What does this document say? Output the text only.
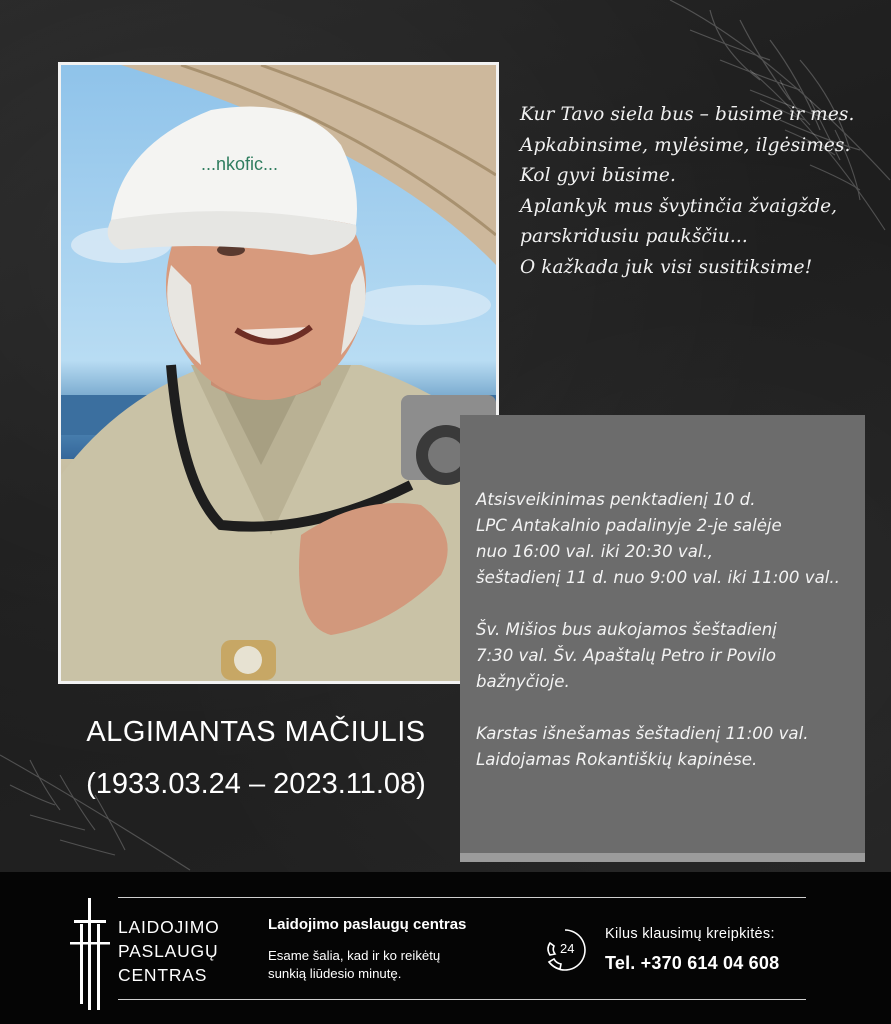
...nkofic...
Kur Tavo siela bus – būsime ir mes.
Apkabinsime, mylėsime, ilgėsimes.
Kol gyvi būsime.
Aplankyk mus švytinčia žvaigžde,
parskridusiu paukščiu...
O kažkada juk visi susitiksime!

Atsisveikinimas penktadienį 10 d.
LPC Antakalnio padalinyje 2-je salėje
nuo 16:00 val. iki 20:30 val.,
šeštadienį 11 d. nuo 9:00 val. iki 11:00 val..

Šv. Mišios bus aukojamos šeštadienį
7:30 val. Šv. Apaštalų Petro ir Povilo
bažnyčioje.

Karstas išnešamas šeštadienį 11:00 val.
Laidojamas Rokantiškių kapinėse.

ALGIMANTAS MAČIULIS
(1933.03.24 – 2023.11.08)
LAIDOJIMO
PASLAUGŲ
CENTRAS
Laidojimo paslaugų centras
Esame šalia, kad ir ko reikėtų
sunkią liūdesio minutę.
24
Kilus klausimų kreipkitės:
Tel. +370 614 04 608
